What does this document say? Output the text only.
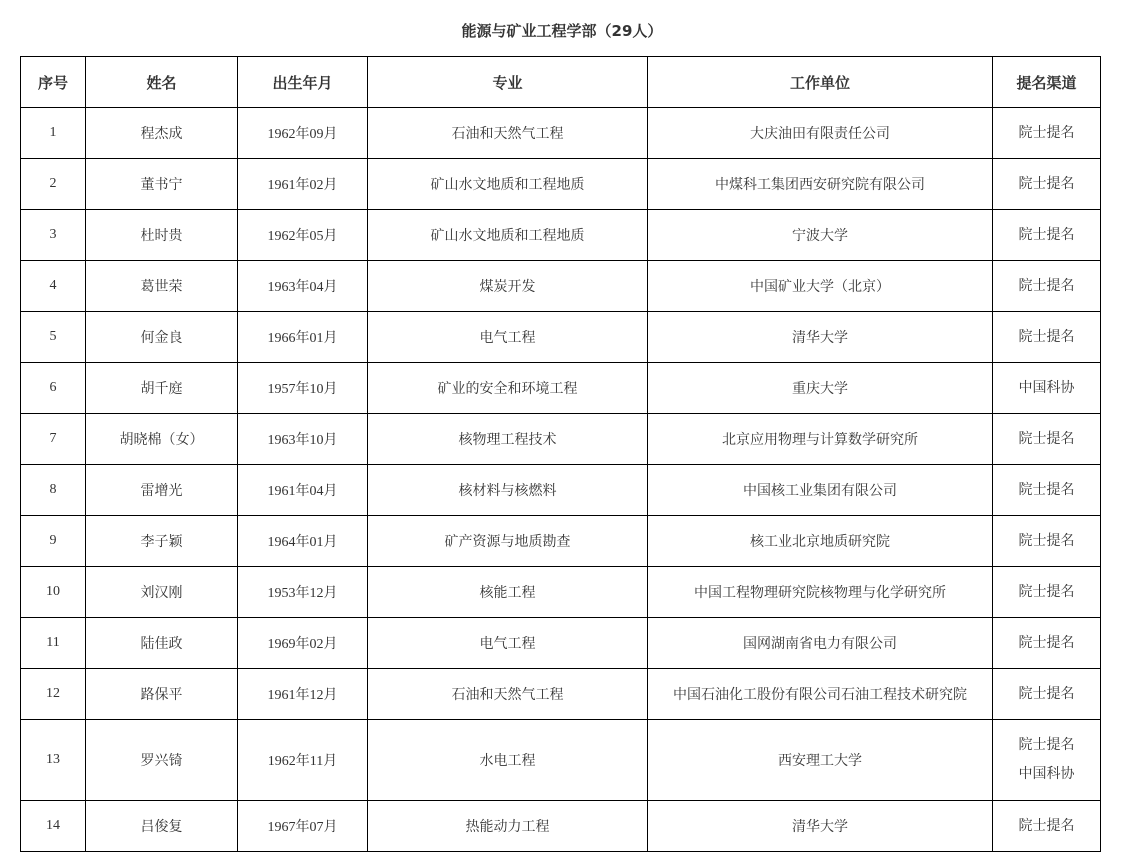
能源与矿业工程学部（29人）
序号	姓名	出生年月	专业	工作单位	提名渠道
1	程杰成	1962年09月	石油和天然气工程	大庆油田有限责任公司	院士提名

2	董书宁	1961年02月	矿山水文地质和工程地质	中煤科工集团西安研究院有限公司	院士提名

3	杜时贵	1962年05月	矿山水文地质和工程地质	宁波大学	院士提名

4	葛世荣	1963年04月	煤炭开发	中国矿业大学（北京）	院士提名

5	何金良	1966年01月	电气工程	清华大学	院士提名

6	胡千庭	1957年10月	矿业的安全和环境工程	重庆大学	中国科协

7	胡晓棉（女）	1963年10月	核物理工程技术	北京应用物理与计算数学研究所	院士提名

8	雷增光	1961年04月	核材料与核燃料	中国核工业集团有限公司	院士提名

9	李子颖	1964年01月	矿产资源与地质勘查	核工业北京地质研究院	院士提名

10	刘汉刚	1953年12月	核能工程	中国工程物理研究院核物理与化学研究所	院士提名

11	陆佳政	1969年02月	电气工程	国网湖南省电力有限公司	院士提名

12	路保平	1961年12月	石油和天然气工程	中国石油化工股份有限公司石油工程技术研究院	院士提名

13	罗兴锜	1962年11月	水电工程	西安理工大学	院士提名
中国科协

14	吕俊复	1967年07月	热能动力工程	清华大学	院士提名
